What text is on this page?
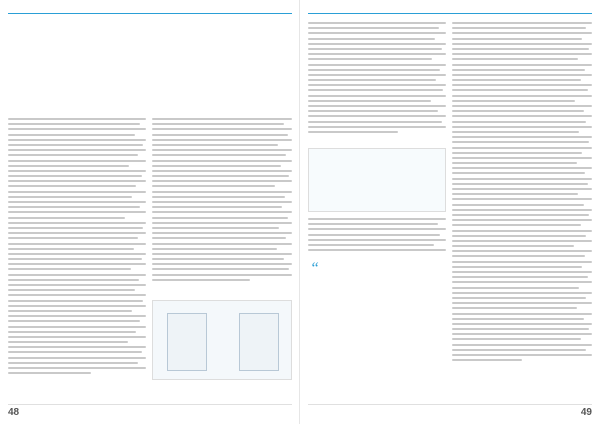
48
“
49
